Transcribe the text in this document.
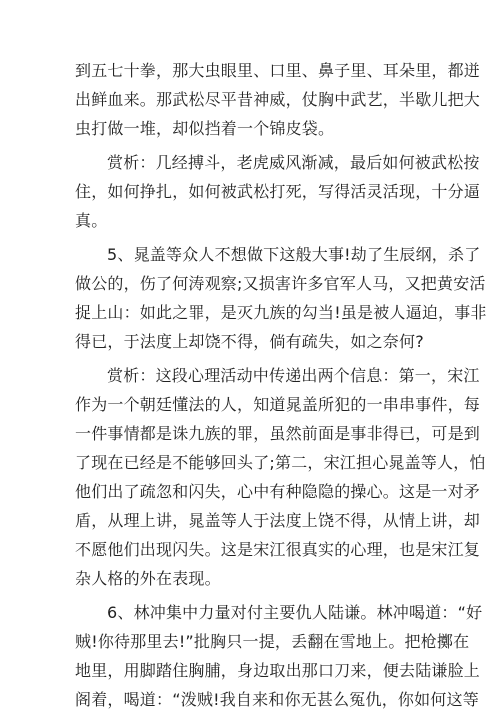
到五七十拳，那大虫眼里、口里、鼻子里、耳朵里，都迸
出鲜血来。那武松尽平昔神威，仗胸中武艺，半歇儿把大
虫打做一堆，却似挡着一个锦皮袋。
赏析：几经搏斗，老虎威风渐减，最后如何被武松按
住，如何挣扎，如何被武松打死，写得活灵活现，十分逼
真。
5、晁盖等众人不想做下这般大事!劫了生辰纲，杀了
做公的，伤了何涛观察;又损害许多官军人马，又把黄安活
捉上山：如此之罪，是灭九族的勾当!虽是被人逼迫，事非
得已，于法度上却饶不得，倘有疏失，如之奈何?
赏析：这段心理活动中传递出两个信息：第一，宋江
作为一个朝廷懂法的人，知道晁盖所犯的一串串事件，每
一件事情都是诛九族的罪，虽然前面是事非得已，可是到
了现在已经是不能够回头了;第二，宋江担心晁盖等人，怕
他们出了疏忽和闪失，心中有种隐隐的操心。这是一对矛
盾，从理上讲，晁盖等人于法度上饶不得，从情上讲，却
不愿他们出现闪失。这是宋江很真实的心理，也是宋江复
杂人格的外在表现。
6、林冲集中力量对付主要仇人陆谦。林冲喝道：“好
贼!你待那里去!”批胸只一提，丢翻在雪地上。把枪擲在
地里，用脚踏住胸脯，身边取出那口刀来，便去陆谦脸上
阁着，喝道：“泼贼!我自来和你无甚么冤仇，你如何这等
